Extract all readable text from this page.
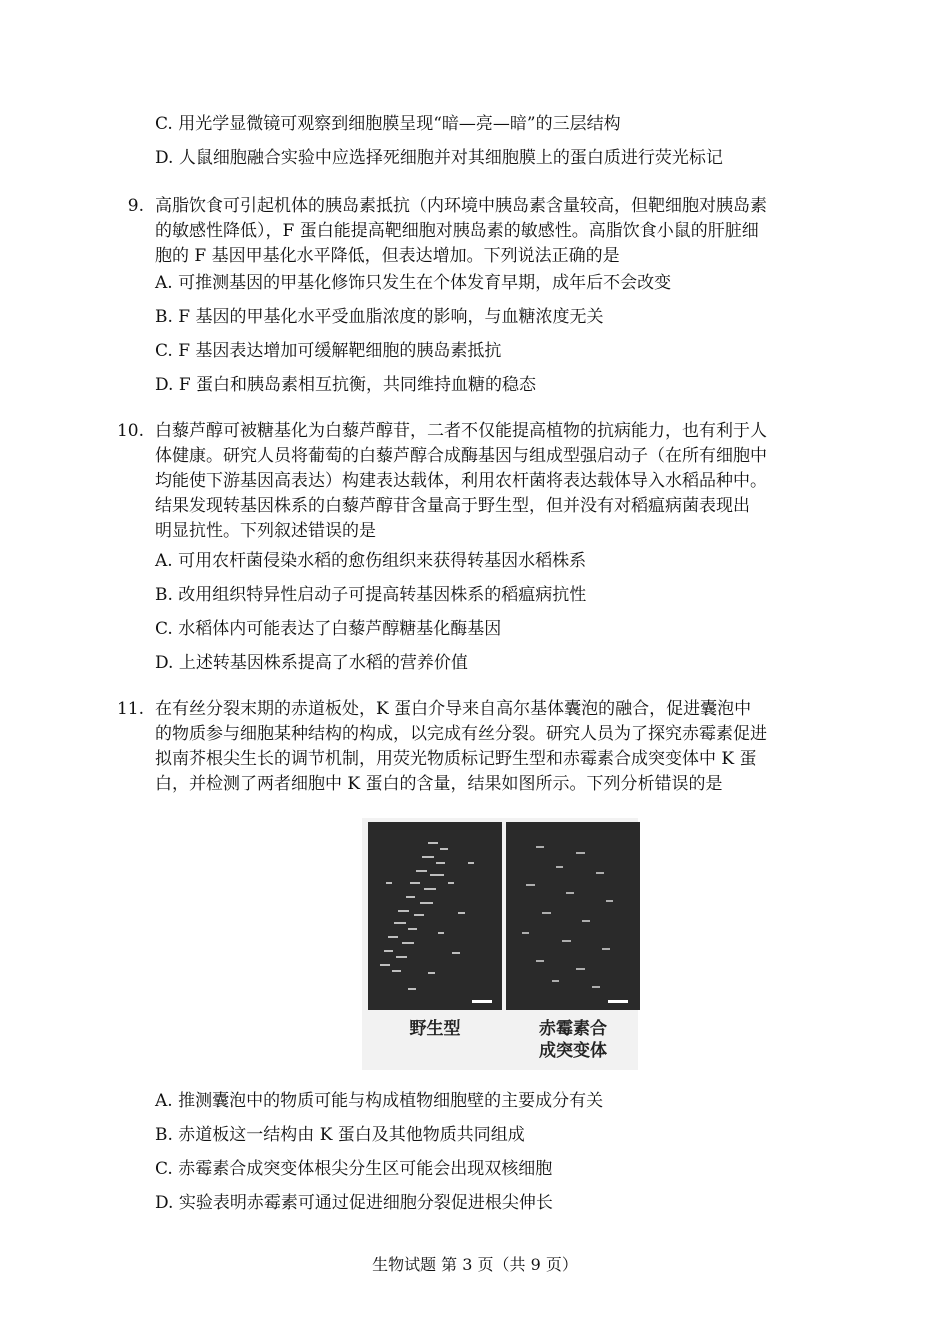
C. 用光学显微镜可观察到细胞膜呈现“暗—亮—暗”的三层结构
D. 人鼠细胞融合实验中应选择死细胞并对其细胞膜上的蛋白质进行荧光标记
9. 高脂饮食可引起机体的胰岛素抵抗（内环境中胰岛素含量较高，但靶细胞对胰岛素
的敏感性降低），F 蛋白能提高靶细胞对胰岛素的敏感性。高脂饮食小鼠的肝脏细
胞的 F 基因甲基化水平降低，但表达增加。下列说法正确的是
A. 可推测基因的甲基化修饰只发生在个体发育早期，成年后不会改变
B. F 基因的甲基化水平受血脂浓度的影响，与血糖浓度无关
C. F 基因表达增加可缓解靶细胞的胰岛素抵抗
D. F 蛋白和胰岛素相互抗衡，共同维持血糖的稳态
10. 白藜芦醇可被糖基化为白藜芦醇苷，二者不仅能提高植物的抗病能力，也有利于人
体健康。研究人员将葡萄的白藜芦醇合成酶基因与组成型强启动子（在所有细胞中
均能使下游基因高表达）构建表达载体，利用农杆菌将表达载体导入水稻品种中。
结果发现转基因株系的白藜芦醇苷含量高于野生型，但并没有对稻瘟病菌表现出
明显抗性。下列叙述错误的是
A. 可用农杆菌侵染水稻的愈伤组织来获得转基因水稻株系
B. 改用组织特异性启动子可提高转基因株系的稻瘟病抗性
C. 水稻体内可能表达了白藜芦醇糖基化酶基因
D. 上述转基因株系提高了水稻的营养价值
11. 在有丝分裂末期的赤道板处，K 蛋白介导来自高尔基体囊泡的融合，促进囊泡中
的物质参与细胞某种结构的构成，以完成有丝分裂。研究人员为了探究赤霉素促进
拟南芥根尖生长的调节机制，用荧光物质标记野生型和赤霉素合成突变体中 K 蛋
白，并检测了两者细胞中 K 蛋白的含量，结果如图所示。下列分析错误的是
野生型	赤霉素合
成突变体
A. 推测囊泡中的物质可能与构成植物细胞壁的主要成分有关
B. 赤道板这一结构由 K 蛋白及其他物质共同组成
C. 赤霉素合成突变体根尖分生区可能会出现双核细胞
D. 实验表明赤霉素可通过促进细胞分裂促进根尖伸长
生物试题 第 3 页（共 9 页）
